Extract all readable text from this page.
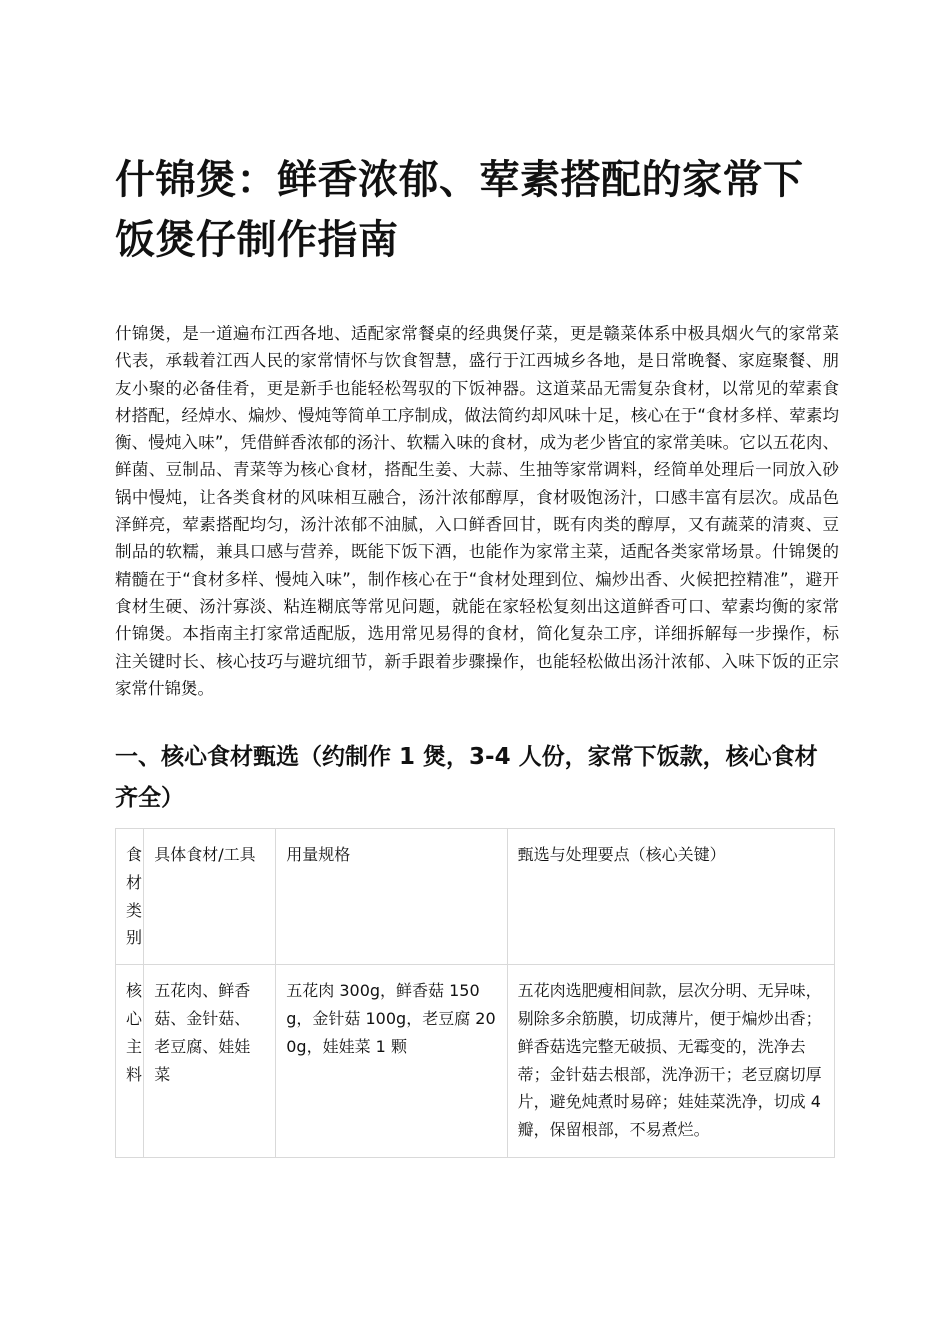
什锦煲：鲜香浓郁、荤素搭配的家常下饭煲仔制作指南

什锦煲，是一道遍布江西各地、适配家常餐桌的经典煲仔菜，更是赣菜体系中极具烟火气的家常菜代表，承载着江西人民的家常情怀与饮食智慧，盛行于江西城乡各地，是日常晚餐、家庭聚餐、朋友小聚的必备佳肴，更是新手也能轻松驾驭的下饭神器。这道菜品无需复杂食材，以常见的荤素食材搭配，经焯水、煸炒、慢炖等简单工序制成，做法简约却风味十足，核心在于“食材多样、荤素均衡、慢炖入味”，凭借鲜香浓郁的汤汁、软糯入味的食材，成为老少皆宜的家常美味。它以五花肉、鲜菌、豆制品、青菜等为核心食材，搭配生姜、大蒜、生抽等家常调料，经简单处理后一同放入砂锅中慢炖，让各类食材的风味相互融合，汤汁浓郁醇厚，食材吸饱汤汁，口感丰富有层次。成品色泽鲜亮，荤素搭配均匀，汤汁浓郁不油腻，入口鲜香回甘，既有肉类的醇厚，又有蔬菜的清爽、豆制品的软糯，兼具口感与营养，既能下饭下酒，也能作为家常主菜，适配各类家常场景。什锦煲的精髓在于“食材多样、慢炖入味”，制作核心在于“食材处理到位、煸炒出香、火候把控精准”，避开食材生硬、汤汁寡淡、粘连糊底等常见问题，就能在家轻松复刻出这道鲜香可口、荤素均衡的家常什锦煲。本指南主打家常适配版，选用常见易得的食材，简化复杂工序，详细拆解每一步操作，标注关键时长、核心技巧与避坑细节，新手跟着步骤操作，也能轻松做出汤汁浓郁、入味下饭的正宗家常什锦煲。

一、核心食材甄选（约制作 1 煲，3-4 人份，家常下饭款，核心食材齐全）
食材类别	具体食材/工具	用量规格	甄选与处理要点（核心关键）
核心主料	五花肉、鲜香菇、金针菇、老豆腐、娃娃菜	五花肉 300g，鲜香菇 150g，金针菇 100g，老豆腐 200g，娃娃菜 1 颗	五花肉选肥瘦相间款，层次分明、无异味，剔除多余筋膜，切成薄片，便于煸炒出香；鲜香菇选完整无破损、无霉变的，洗净去蒂；金针菇去根部，洗净沥干；老豆腐切厚片，避免炖煮时易碎；娃娃菜洗净，切成 4 瓣，保留根部，不易煮烂。
